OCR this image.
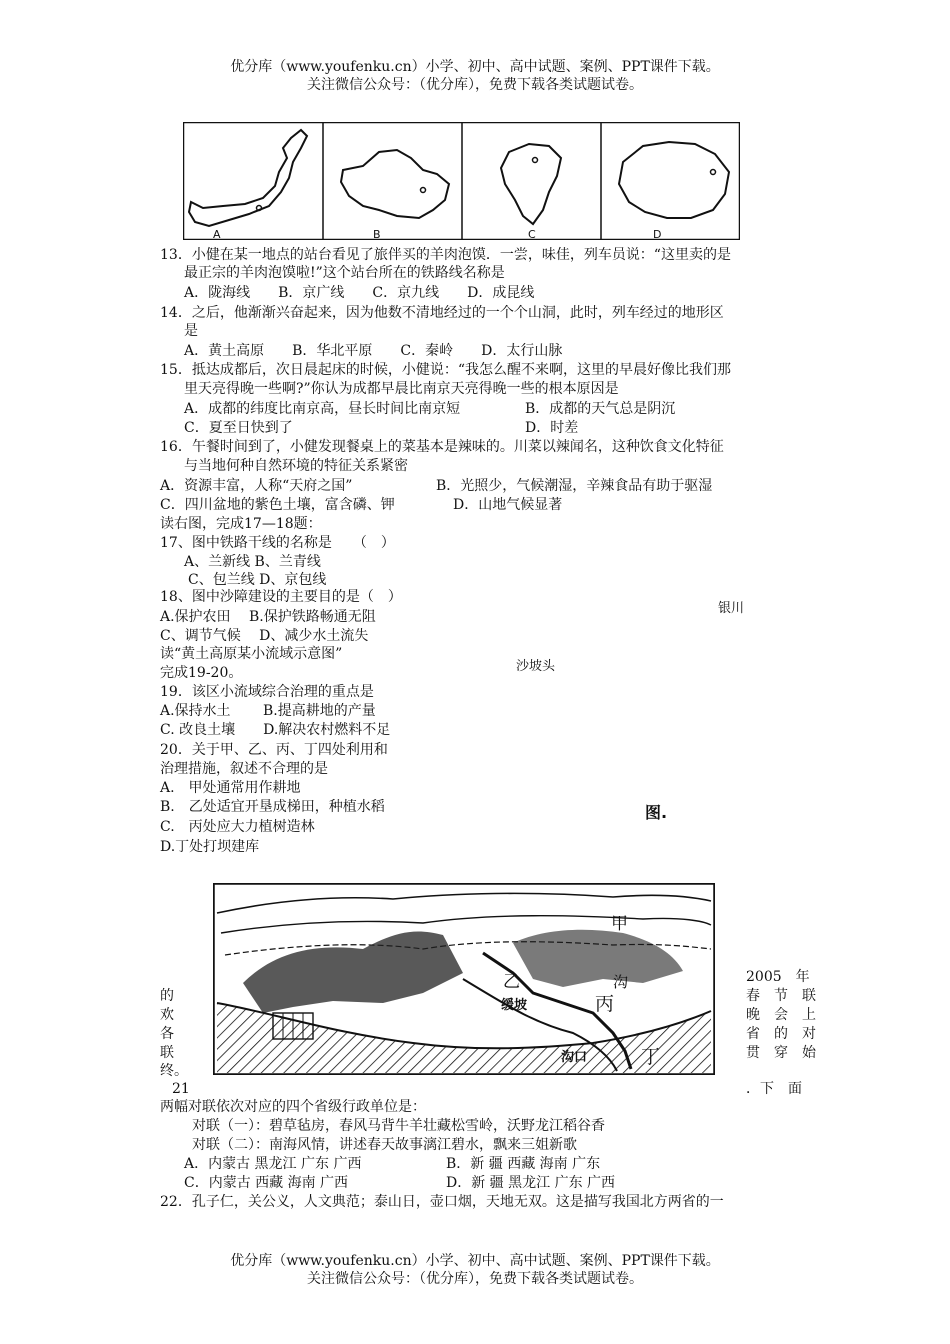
优分库（www.youfenku.cn）小学、初中、高中试题、案例、PPT课件下载。
关注微信公众号：（优分库），免费下载各类试题试卷。
A	B	C	D
13．小健在某一地点的站台看见了旅伴买的羊肉泡馍．一尝，味佳，列车员说：“这里卖的是
最正宗的羊肉泡馍啦!”这个站台所在的铁路线名称是
A．陇海线　　B．京广线　　C．京九线　　D．成昆线
14．之后，他渐渐兴奋起来，因为他数不清地经过的一个个山洞，此时，列车经过的地形区
是
A．黄土高原　　B．华北平原　　C．秦岭　　D．太行山脉
15．抵达成都后，次日晨起床的时候，小健说：“我怎么醒不来啊，这里的早晨好像比我们那
里天亮得晚一些啊?”你认为成都早晨比南京天亮得晚一些的根本原因是
A．成都的纬度比南京高，昼长时间比南京短	B．成都的天气总是阴沉
C．夏至日快到了	D．时差
16．午餐时间到了，小健发现餐桌上的菜基本是辣味的。川菜以辣闻名，这种饮食文化特征
与当地何种自然环境的特征关系紧密
A．资源丰富，人称“天府之国”	B．光照少，气候潮湿，辛辣食品有助于驱湿
C．四川盆地的紫色土壤，富含磷、钾	D．山地气候显著
读右图，完成17—18题：
17、图中铁路干线的名称是　　（　）
A、兰新线 B、兰青线
C、包兰线 D、京包线
18、图中沙障建设的主要目的是（　）
A.保护农田　 B.保护铁路畅通无阻
C、调节气候　 D、减少水土流失
银川
沙坡头
图.
读“黄土高原某小流域示意图”
完成19-20。
19．该区小流域综合治理的重点是
A.保持水土　　 B.提高耕地的产量
C. 改良土壤　　D.解决农村燃料不足
20．关于甲、乙、丙、丁四处利用和
治理措施，叙述不合理的是
A.　甲处通常用作耕地
B.　乙处适宜开垦成梯田，种植水稻
C.　丙处应大力植树造林
D.丁处打坝建库
甲
乙	沟
缓坡	丙
沟口	丁
2005　年
的	春　节　联
欢	晚　会　上
各	省　的　对
联	贯　穿　始
终。
21	．下　面
两幅对联依次对应的四个省级行政单位是：
对联（一）：碧草毡房，春风马背牛羊壮藏松雪岭，沃野龙江稻谷香
对联（二）：南海风情，讲述春天故事漓江碧水，飘来三姐新歌
A．内蒙古 黑龙江 广东 广西	B．新 疆 西藏 海南 广东
C．内蒙古 西藏 海南 广西	D．新 疆 黑龙江 广东 广西
22．孔子仁，关公义，人文典范；泰山日，壶口烟，天地无双。这是描写我国北方两省的一
优分库（www.youfenku.cn）小学、初中、高中试题、案例、PPT课件下载。
关注微信公众号：（优分库），免费下载各类试题试卷。
